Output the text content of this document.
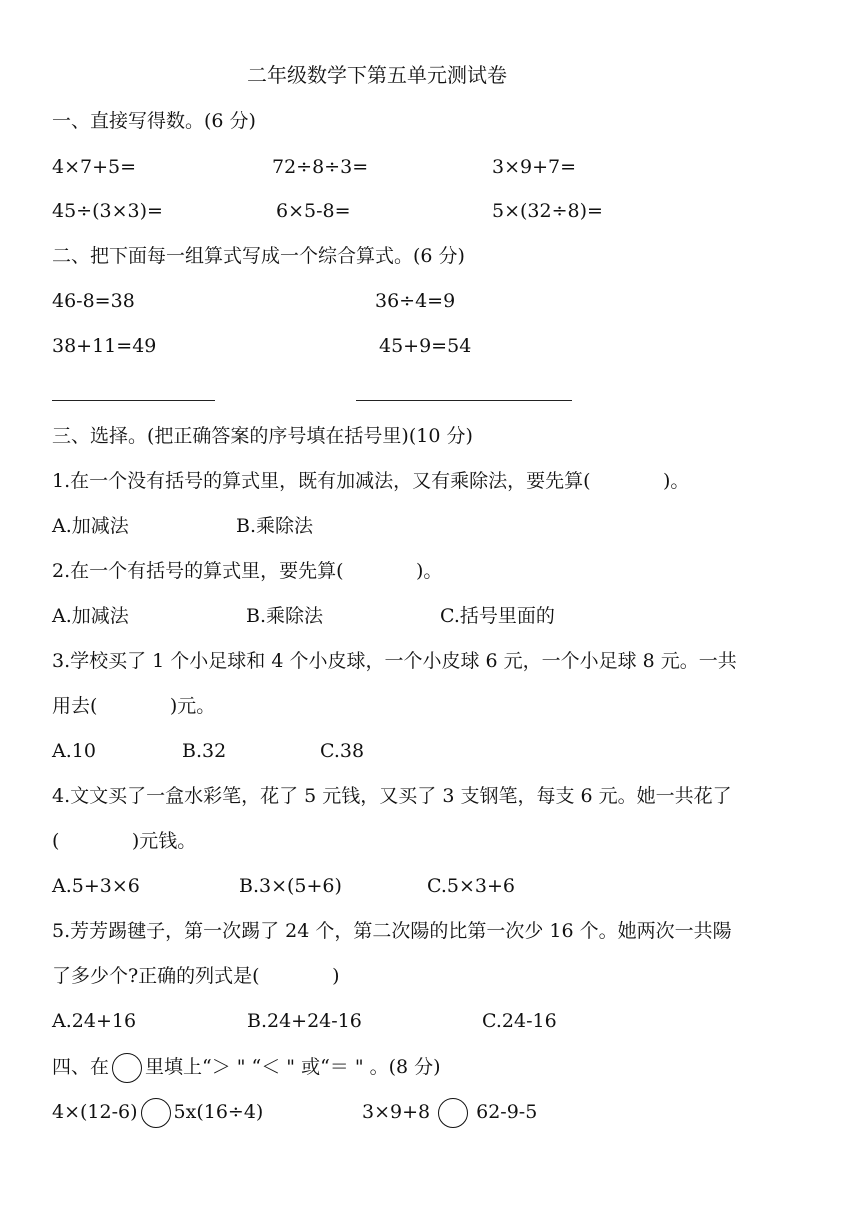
二年级数学下第五单元测试卷
一、直接写得数。(6 分)
4×7+5=	72÷8÷3=	3×9+7=
45÷(3×3)=	6×5-8=	5×(32÷8)=
二、把下面每一组算式写成一个综合算式。(6 分)
46-8=38	36÷4=9
38+11=49	45+9=54
三、选择。(把正确答案的序号填在括号里)(10 分)
1.在一个没有括号的算式里，既有加减法，又有乘除法，要先算(            )。
A.加减法	B.乘除法
2.在一个有括号的算式里，要先算(            )。
A.加减法	B.乘除法	C.括号里面的
3.学校买了 1 个小足球和 4 个小皮球，一个小皮球 6 元，一个小足球 8 元。一共
用去(            )元。
A.10	B.32	C.38
4.文文买了一盒水彩笔，花了 5 元钱，又买了 3 支钢笔，每支 6 元。她一共花了
(            )元钱。
A.5+3×6	B.3×(5+6)	C.5×3+6
5.芳芳踢毽子，第一次踢了 24 个，第二次陽的比第一次少 16 个。她两次一共陽
了多少个?正确的列式是(            )
A.24+16	B.24+24-16	C.24-16
四、在 里填上“＞ " “＜ " 或“＝ " 。(8 分)
4×(12-6) 5x(16÷4)	3×9+8 62-9-5
